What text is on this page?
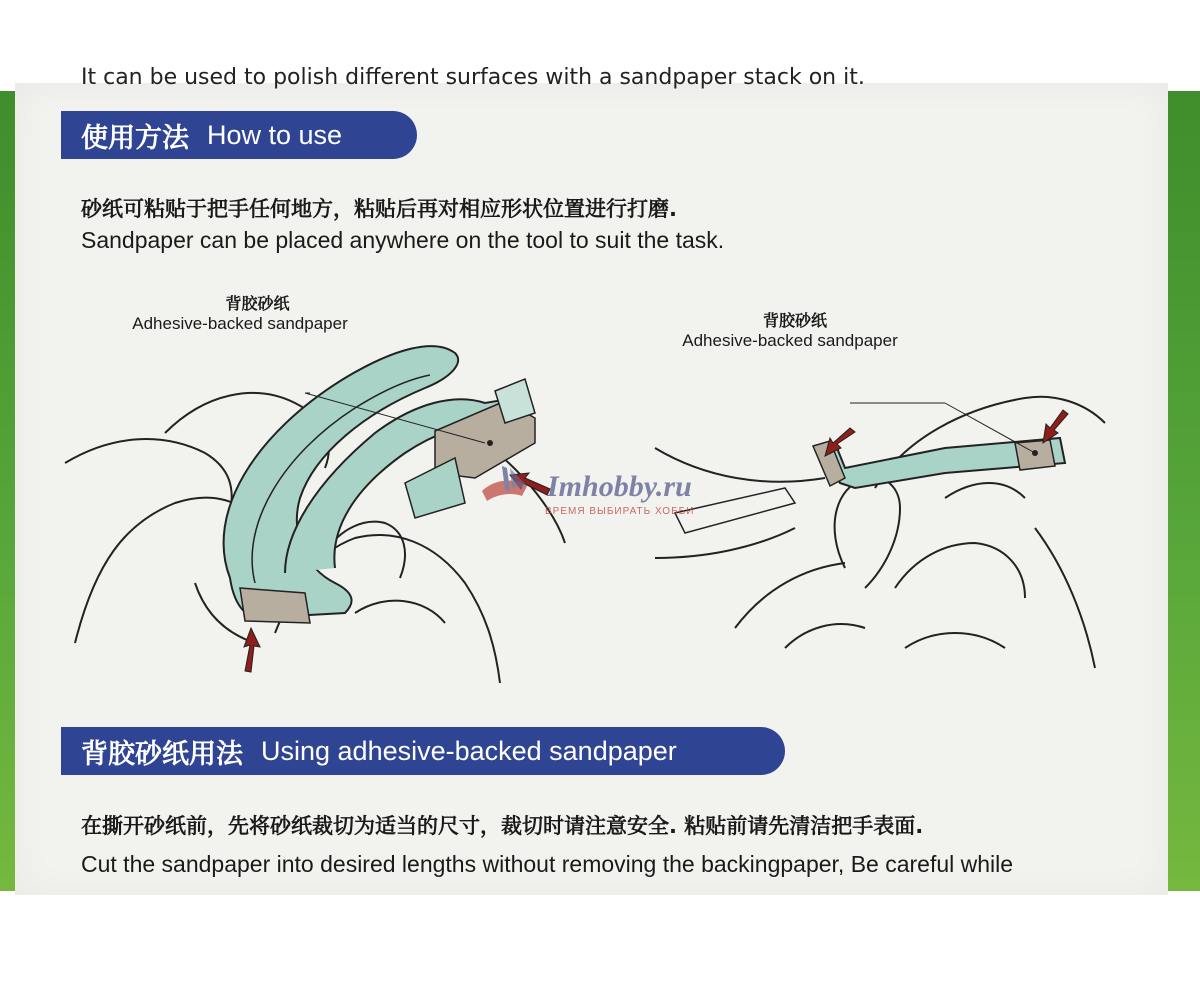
It can be used to polish different surfaces with a sandpaper stack on it.
使用方法 How to use
砂纸可粘贴于把手任何地方，粘贴后再对相应形状位置进行打磨.
Sandpaper can be placed anywhere on the tool to suit the task.
背胶砂纸
Adhesive-backed sandpaper	背胶砂纸
Adhesive-backed sandpaper
背胶砂纸用法 Using adhesive-backed sandpaper
在撕开砂纸前，先将砂纸裁切为适当的尺寸，裁切时请注意安全. 粘贴前请先清洁把手表面.
Cut the sandpaper into desired lengths without removing the backingpaper, Be careful while
Imhobby.ru
ВРЕМЯ ВЫБИРАТЬ ХОББИ
